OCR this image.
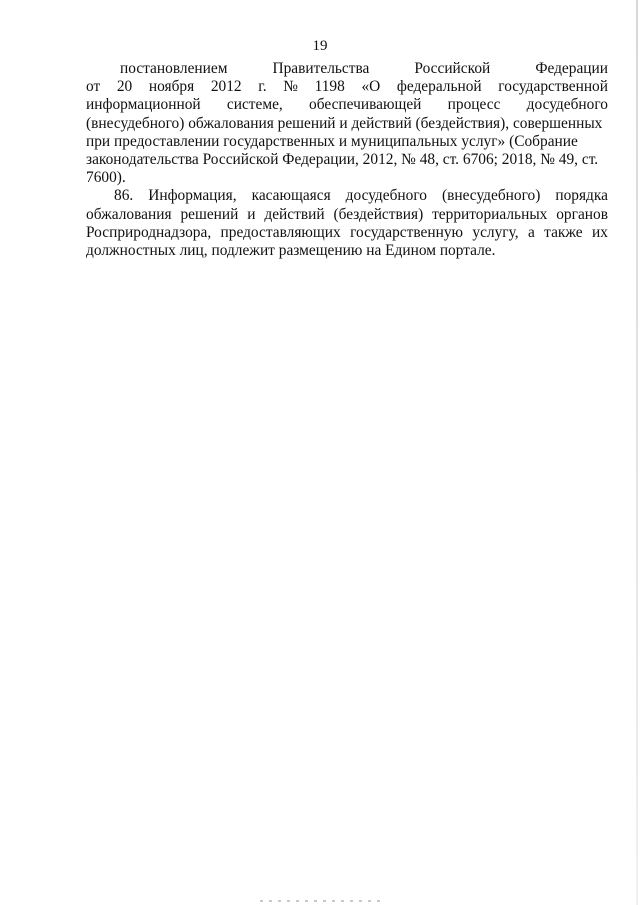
19
постановлением	Правительства	Российской	Федерации
от 20 ноября 2012 г. № 1198 «О федеральной государственной
информационной системе, обеспечивающей процесс досудебного
(внесудебного) обжалования решений и действий (бездействия), совершенных
при предоставлении государственных и муниципальных услуг» (Собрание
законодательства Российской Федерации, 2012, № 48, ст. 6706; 2018, № 49, ст.
7600).
86. Информация, касающаяся досудебного (внесудебного) порядка
обжалования решений и действий (бездействия) территориальных органов
Росприроднадзора, предоставляющих государственную услугу, а также их
должностных лиц, подлежит размещению на Едином портале.
